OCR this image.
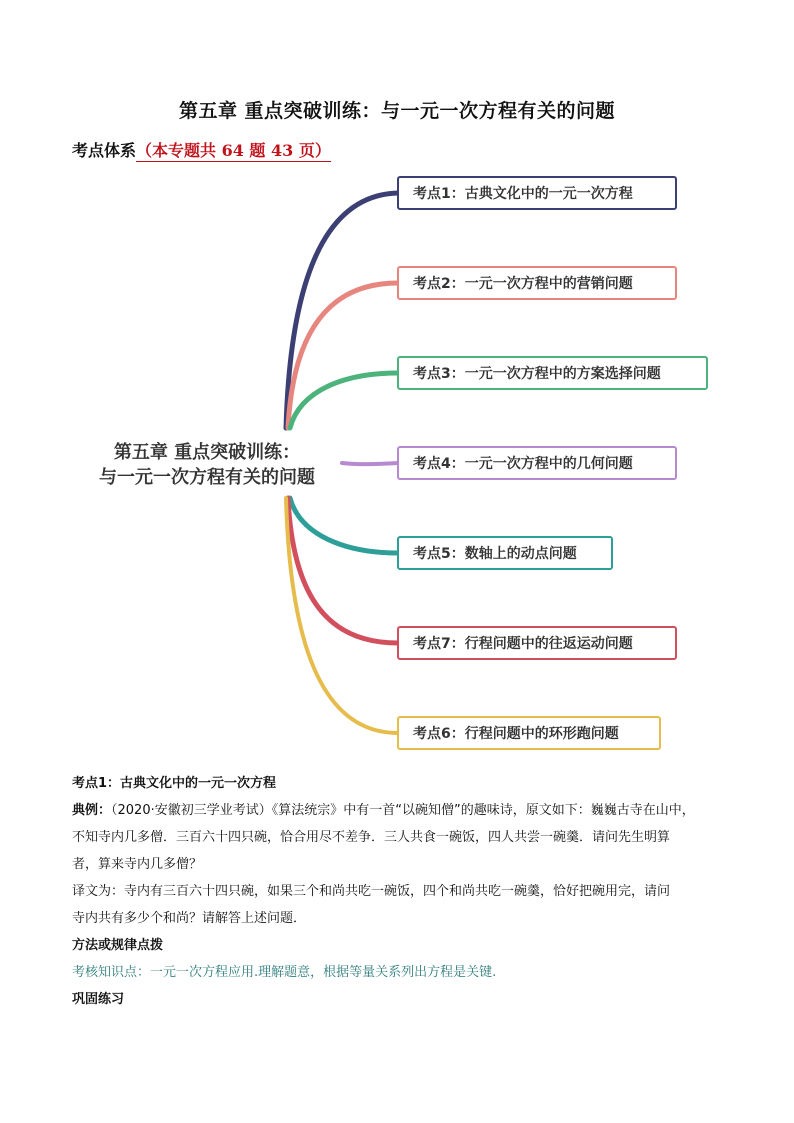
第五章 重点突破训练：与一元一次方程有关的问题
考点体系（本专题共 64 题 43 页）
第五章 重点突破训练：
与一元一次方程有关的问题
考点1：古典文化中的一元一次方程
考点2：一元一次方程中的营销问题
考点3：一元一次方程中的方案选择问题
考点4：一元一次方程中的几何问题
考点5：数轴上的动点问题
考点7：行程问题中的往返运动问题
考点6：行程问题中的环形跑问题

考点1：古典文化中的一元一次方程

典例：（2020·安徽初三学业考试）《算法统宗》中有一首“以碗知僧”的趣味诗，原文如下：巍巍古寺在山中，

不知寺内几多僧．三百六十四只碗，恰合用尽不差争．三人共食一碗饭，四人共尝一碗羹．请问先生明算

者，算来寺内几多僧？

译文为：寺内有三百六十四只碗，如果三个和尚共吃一碗饭，四个和尚共吃一碗羹，恰好把碗用完，请问

寺内共有多少个和尚？请解答上述问题．

方法或规律点拨

考核知识点：一元一次方程应用.理解题意，根据等量关系列出方程是关键.

巩固练习
